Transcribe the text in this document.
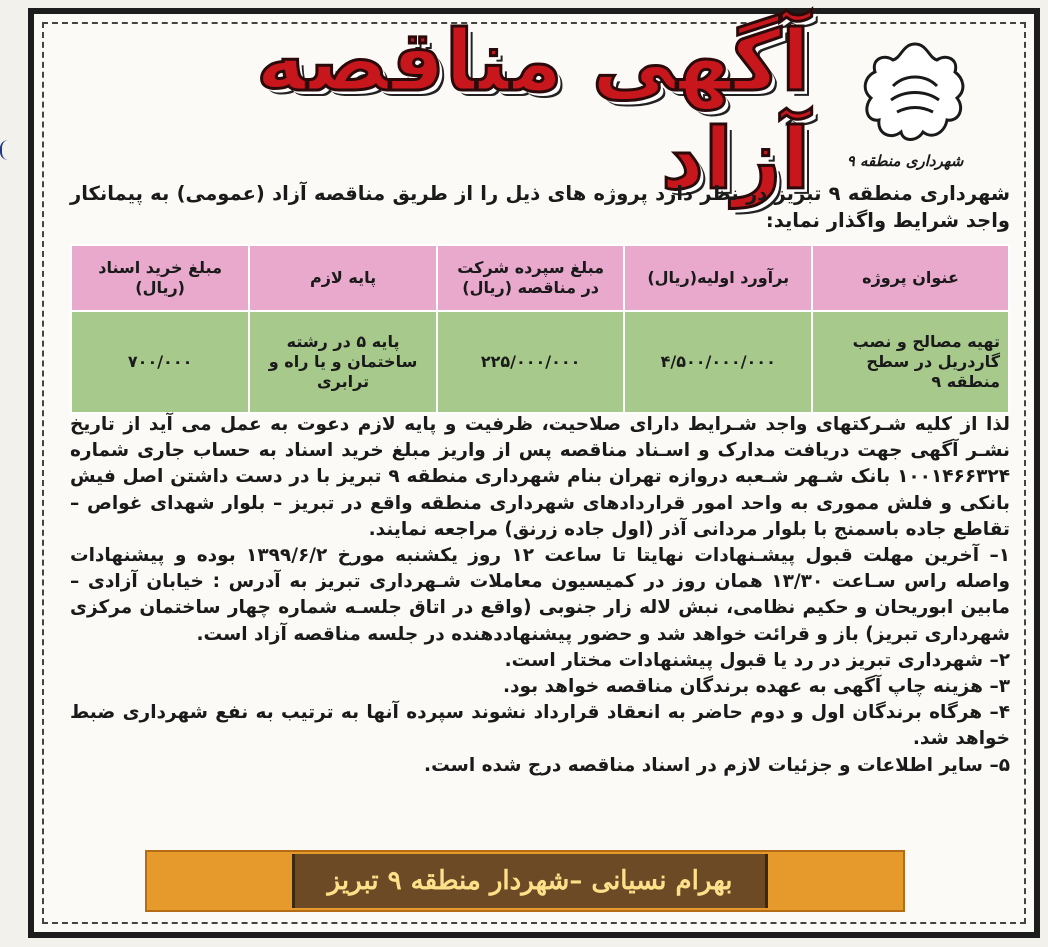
شهرداری منطقه ۹
آگهی مناقصه آزاد
شهرداری منطقه ۹ تبریز در نظر دارد پروژه های ذیل را از طریق مناقصه آزاد (عمومی) به پیمانکار واجد شرایط واگذار نماید:
عنوان پروژه	برآورد اولیه(ریال)	مبلغ سپرده شرکت در مناقصه (ریال)	پایه لازم	مبلغ خرید اسناد (ریال)
تهیه مصالح و نصب گاردریل در سطح منطقه ۹	۴/۵۰۰/۰۰۰/۰۰۰	۲۲۵/۰۰۰/۰۰۰	پایه ۵ در رشته ساختمان و یا راه و ترابری	۷۰۰/۰۰۰

لذا از کلیه شـرکتهای واجد شـرایط دارای صلاحیت، ظرفیت و پایه لازم دعوت به عمل می آید از تاریخ نشـر آگهی جهت دریافت مدارک و اسـناد مناقصه پس از واریز مبلغ خرید اسناد به حساب جاری شماره ۱۰۰۱۴۶۶۳۲۴ بانک شـهر شـعبه دروازه تهران بنام شهرداری منطقه ۹ تبریز با در دست داشتن اصل فیش بانکی و فلش مموری به واحد امور قراردادهای شهرداری منطقه واقع در تبریز – بلوار شهدای غواص – تقاطع جاده باسمنج با بلوار مردانی آذر (اول جاده زرنق) مراجعه نمایند.

۱– آخرین مهلت قبول پیشـنهادات نهایتا تا ساعت ۱۲ روز یکشنبه مورخ ۱۳۹۹/۶/۲ بوده و پیشنهادات واصله راس سـاعت ۱۳/۳۰ همان روز در کمیسیون معاملات شـهرداری تبریز به آدرس : خیابان آزادی – مابین ابوریحان و حکیم نظامی، نبش لاله زار جنوبی (واقع در اتاق جلسـه شماره چهار ساختمان مرکزی شهرداری تبریز) باز و قرائت خواهد شد و حضور پیشنهاددهنده در جلسه مناقصه آزاد است.

۲– شهرداری تبریز در رد یا قبول پیشنهادات مختار است.

۳– هزینه چاپ آگهی به عهده برندگان مناقصه خواهد بود.

۴– هرگاه برندگان اول و دوم حاضر به انعقاد قرارداد نشوند سپرده آنها به ترتیب به نفع شهرداری ضبط خواهد شد.

۵– سایر اطلاعات و جزئیات لازم در اسناد مناقصه درج شده است.

بهرام نسیانی –شهردار منطقه ۹ تبریز
